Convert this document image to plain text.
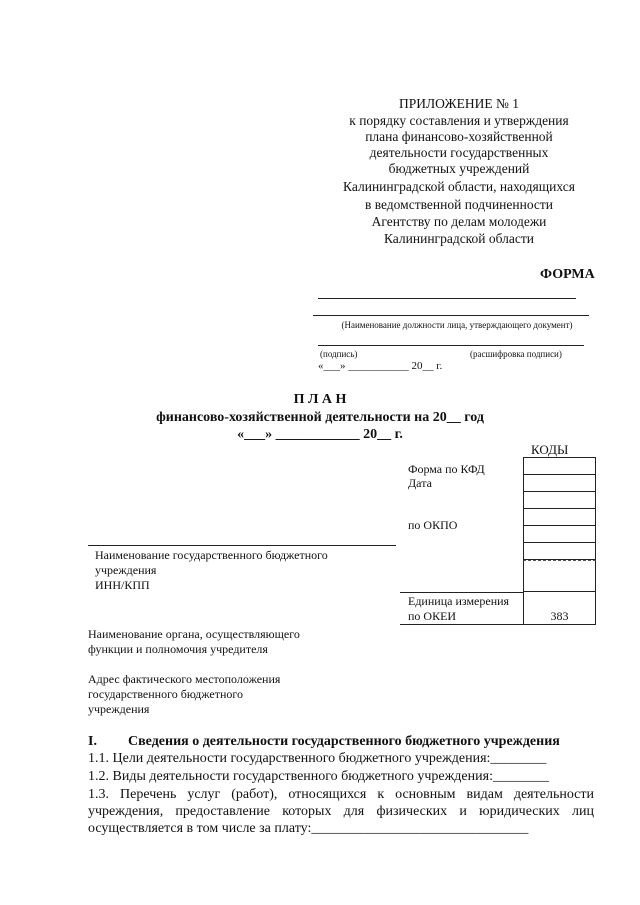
ПРИЛОЖЕНИЕ № 1
к порядку составления и утверждения
плана финансово-хозяйственной
деятельности государственных
бюджетных учреждений
Калининградской области, находящихся
в ведомственной подчиненности
Агентству по делам молодежи
Калининградской области
ФОРМА
(Наименование должности лица, утверждающего документ)
(подпись)	(расшифровка подписи)
«___» ___________ 20__ г.
П Л А Н
финансово-хозяйственной деятельности на 20__ год
«___» ____________ 20__ г.
КОДЫ
383
Форма по КФД
Дата
по ОКПО
Единица измерения
по ОКЕИ
Наименование государственного бюджетного
учреждения
ИНН/КПП
Наименование органа, осуществляющего
функции и полномочия учредителя
Адрес фактического местоположения
государственного бюджетного
учреждения
I. Сведения о деятельности государственного бюджетного учреждения
1.1. Цели деятельности государственного бюджетного учреждения:________
1.2. Виды деятельности государственного бюджетного учреждения:________
1.3. Перечень услуг (работ), относящихся к основным видам деятельности
учреждения, предоставление которых для физических и юридических лиц
осуществляется в том числе за плату:_______________________________
